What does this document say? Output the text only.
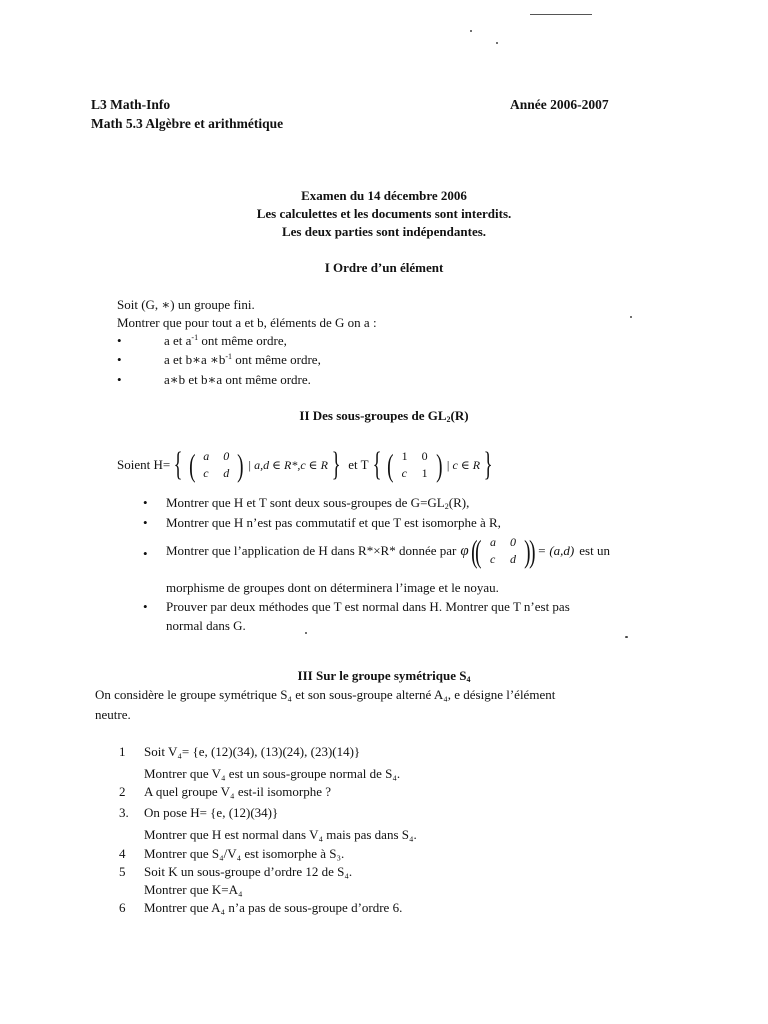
L3 Math-Info
Math 5.3 Algèbre et arithmétique
Année 2006-2007
Examen du 14 décembre 2006
Les calculettes et les documents sont interdits.
Les deux parties sont indépendantes.
I Ordre d’un élément
Soit (G, ∗) un groupe fini.
Montrer que pour tout a et b, éléments de G on a :
•	a et $a^{-1}$ ont même ordre,
•	a et b∗a $∗b^{-1}$ ont même ordre,
•	a∗b et b∗a ont même ordre.
II Des sous-groupes de $GL_2(R)$
Soient H= { ( a 0
c d ) | a,d ∈ R*,c ∈ R } et T { ( 1 0
c 1 ) | c ∈ R }
• Montrer que H et T sont deux sous-groupes de $G=GL_2(R)$,
• Montrer que H n’est pas commutatif et que T est isomorphe à R,
• Montrer que l’application de H dans R*×R* donnée par φ (
( a 0
c d )
) = (a,d) est un
morphisme de groupes dont on déterminera l’image et le noyau.
• Prouver par deux méthodes que T est normal dans H. Montrer que T n’est pas
normal dans G.
III Sur le groupe symétrique $S_4$
On considère le groupe symétrique S₄ et son sous-groupe alterné A₄, e désigne l’élément
neutre.
1 Soit V₄= {e, (12)(34), (13)(24), (23)(14)}
Montrer que V₄ est un sous-groupe normal de S₄.
2 A quel groupe V₄ est-il isomorphe ?
3. On pose H= {e, (12)(34)}
Montrer que H est normal dans V₄ mais pas dans S₄.
4 Montrer que S₄/V₄ est isomorphe à S₃.
5 Soit K un sous-groupe d’ordre 12 de S₄.
Montrer que K=A₄
6 Montrer que A₄ n’a pas de sous-groupe d’ordre 6.
